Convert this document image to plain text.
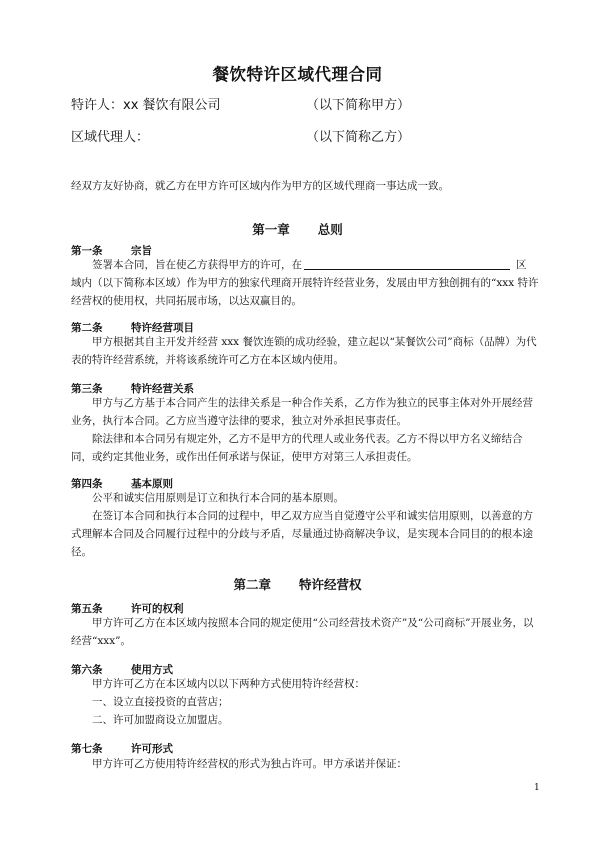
餐饮特许区域代理合同
特许人：xx 餐饮有限公司	（以下简称甲方）
区域代理人：	（以下简称乙方）
经双方友好协商，就乙方在甲方许可区域内作为甲方的区域代理商一事达成一致。
第一章 总则
第一条	宗旨
签署本合同，旨在使乙方获得甲方的许可，在	区
域内（以下简称本区域）作为甲方的独家代理商开展特许经营业务，发展由甲方独创拥有的“xxx 特许经营权的使用权，共同拓展市场，以达双赢目的。
第二条	特许经营项目
甲方根据其自主开发并经营 xxx 餐饮连锁的成功经验，建立起以“某餐饮公司”商标（品牌）为代表的特许经营系统，并将该系统许可乙方在本区域内使用。
第三条	特许经营关系
甲方与乙方基于本合同产生的法律关系是一种合作关系，乙方作为独立的民事主体对外开展经营业务，执行本合同。乙方应当遵守法律的要求，独立对外承担民事责任。
除法律和本合同另有规定外，乙方不是甲方的代理人或业务代表。乙方不得以甲方名义缔结合同，或约定其他业务，或作出任何承诺与保证，使甲方对第三人承担责任。
第四条	基本原则
公平和诚实信用原则是订立和执行本合同的基本原则。
在签订本合同和执行本合同的过程中，甲乙双方应当自觉遵守公平和诚实信用原则，以善意的方式理解本合同及合同履行过程中的分歧与矛盾，尽量通过协商解决争议，是实现本合同目的的根本途径。
第二章 特许经营权
第五条	许可的权利
甲方许可乙方在本区域内按照本合同的规定使用“公司经营技术资产”及“公司商标”开展业务，以经营“xxx”。
第六条	使用方式
甲方许可乙方在本区域内以以下两种方式使用特许经营权：
一、设立直接投资的直营店；
二、许可加盟商设立加盟店。
第七条	许可形式
甲方许可乙方使用特许经营权的形式为独占许可。甲方承诺并保证：
1
